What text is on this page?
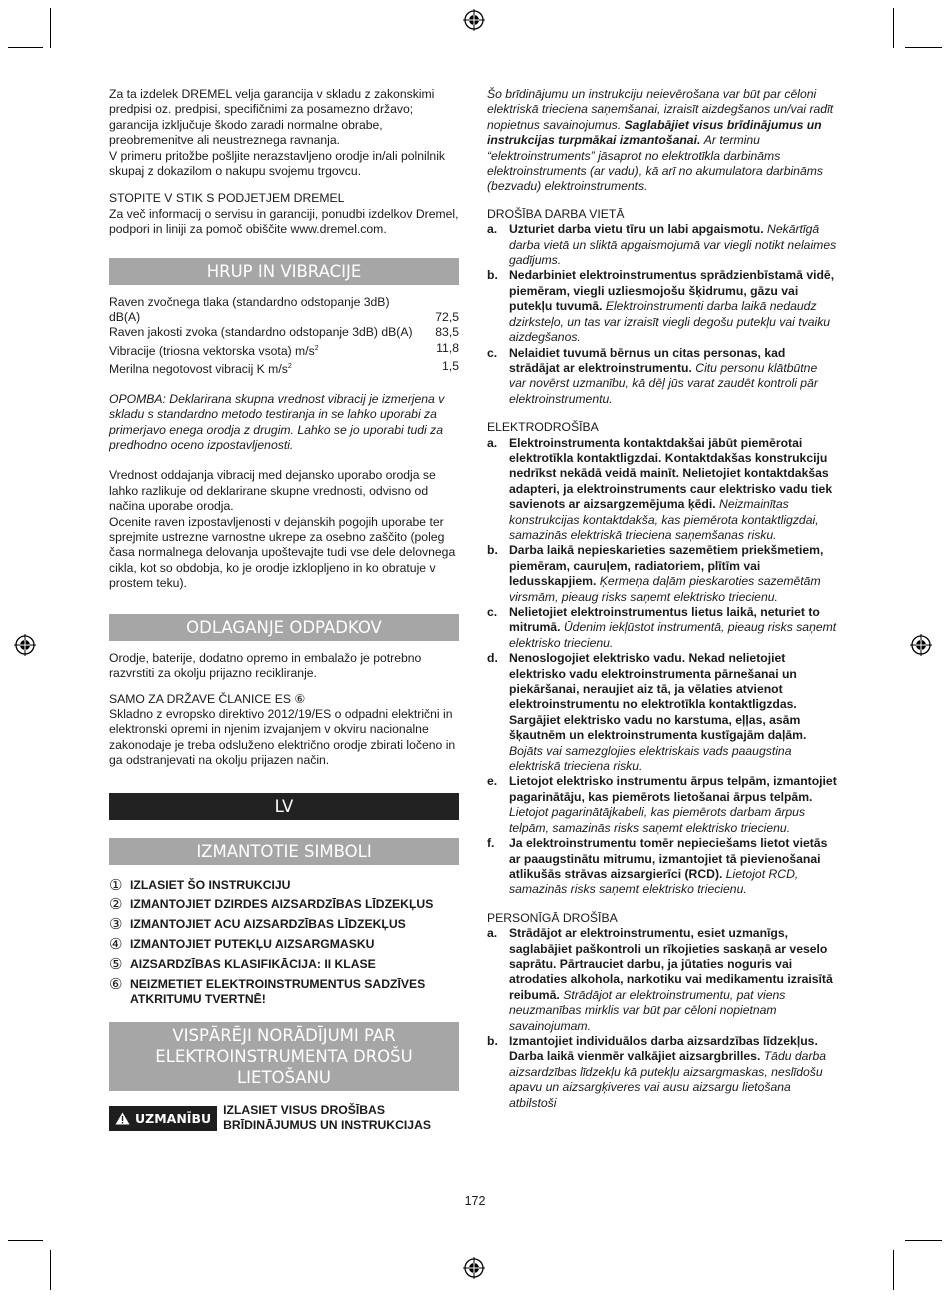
Za ta izdelek DREMEL velja garancija v skladu z zakonskimi predpisi oz. predpisi, specifičnimi za posamezno državo; garancija izključuje škodo zaradi normalne obrabe, preobremenitve ali neustreznega ravnanja.

V primeru pritožbe pošljite nerazstavljeno orodje in/ali polnilnik skupaj z dokazilom o nakupu svojemu trgovcu.

STOPITE V STIK S PODJETJEM DREMEL

Za več informacij o servisu in garanciji, ponudbi izdelkov Dremel, podpori in liniji za pomoč obiščite www.dremel.com.

HRUP IN VIBRACIJE

Raven zvočnega tlaka (standardno odstopanje 3dB)

dB(A)	72,5
Raven jakosti zvoka (standardno odstopanje 3dB) dB(A) 83,5
Vibracije (triosna vektorska vsota) $m/s^2$	11,8
Merilna negotovost vibracij K $m/s^2$	1,5

OPOMBA: Deklarirana skupna vrednost vibracij je izmerjena v skladu s standardno metodo testiranja in se lahko uporabi za primerjavo enega orodja z drugim. Lahko se jo uporabi tudi za predhodno oceno izpostavljenosti.

Vrednost oddajanja vibracij med dejansko uporabo orodja se lahko razlikuje od deklarirane skupne vrednosti, odvisno od načina uporabe orodja.

Ocenite raven izpostavljenosti v dejanskih pogojih uporabe ter sprejmite ustrezne varnostne ukrepe za osebno zaščito (poleg časa normalnega delovanja upoštevajte tudi vse dele delovnega cikla, kot so obdobja, ko je orodje izklopljeno in ko obratuje v prostem teku).

ODLAGANJE ODPADKOV

Orodje, baterije, dodatno opremo in embalažo je potrebno razvrstiti za okolju prijazno recikliranje.

SAMO ZA DRŽAVE ČLANICE ES ⑥

Skladno z evropsko direktivo 2012/19/ES o odpadni električni in elektronski opremi in njenim izvajanjem v okviru nacionalne zakonodaje je treba odsluženo električno orodje zbirati ločeno in ga odstranjevati na okolju prijazen način.

LV
IZMANTOTIE SIMBOLI
① IZLASIET ŠO INSTRUKCIJU
② IZMANTOJIET DZIRDES AIZSARDZĪBAS LĪDZEKĻUS
③ IZMANTOJIET ACU AIZSARDZĪBAS LĪDZEKĻUS
④ IZMANTOJIET PUTEKĻU AIZSARGMASKU
⑤ AIZSARDZĪBAS KLASIFIKĀCIJA: II KLASE
⑥ NEIZMETIET ELEKTROINSTRUMENTUS SADZĪVES ATKRITUMU TVERTNĒ!
VISPĀRĒJI NORĀDĪJUMI PAR ELEKTROINSTRUMENTA DROŠU LIETOŠANU
UZMANĪBU
IZLASIET VISUS DROŠĪBAS BRĪDINĀJUMUS UN INSTRUKCIJAS

Šo brīdinājumu un instrukciju neievērošana var būt par cēloni elektriskā trieciena saņemšanai, izraisīt aizdegšanos un/vai radīt nopietnus savainojumus. Saglabājiet visus brīdinājumus un instrukcijas turpmākai izmantošanai. Ar terminu “elektroinstruments” jāsaprot no elektrotīkla darbināms elektroinstruments (ar vadu), kā arī no akumulatora darbināms (bezvadu) elektroinstruments.

DROŠĪBA DARBA VIETĀ

a. Uzturiet darba vietu tīru un labi apgaismotu. Nekārtīgā darba vietā un sliktā apgaismojumā var viegli notikt nelaimes gadījums.
b. Nedarbiniet elektroinstrumentus sprādzienbīstamā vidē, piemēram, viegli uzliesmojošu šķidrumu, gāzu vai putekļu tuvumā. Elektroinstrumenti darba laikā nedaudz dzirksteļo, un tas var izraisīt viegli degošu putekļu vai tvaiku aizdegšanos.
c. Nelaidiet tuvumā bērnus un citas personas, kad strādājat ar elektroinstrumentu. Citu personu klātbūtne var novērst uzmanību, kā dēļ jūs varat zaudēt kontroli pār elektroinstrumentu.

ELEKTRODROŠĪBA

a. Elektroinstrumenta kontaktdakšai jābūt piemērotai elektrotīkla kontaktligzdai. Kontaktdakšas konstrukciju nedrīkst nekādā veidā mainīt. Nelietojiet kontaktdakšas adapteri, ja elektroinstruments caur elektrisko vadu tiek savienots ar aizsargzemējuma ķēdi. Neizmainītas konstrukcijas kontaktdakša, kas piemērota kontaktligzdai, samazinās elektriskā trieciena saņemšanas risku.
b. Darba laikā nepieskarieties sazemētiem priekšmetiem, piemēram, cauruļem, radiatoriem, plītīm vai ledusskapjiem. Ķermeņa daļām pieskaroties sazemētām virsmām, pieaug risks saņemt elektrisko triecienu.
c. Nelietojiet elektroinstrumentus lietus laikā, neturiet to mitrumā. Ūdenim iekļūstot instrumentā, pieaug risks saņemt elektrisko triecienu.
d. Nenoslogojiet elektrisko vadu. Nekad nelietojiet elektrisko vadu elektroinstrumenta pārnešanai un piekāršanai, neraujiet aiz tā, ja vēlaties atvienot elektroinstrumentu no elektrotīkla kontaktligzdas. Sargājiet elektrisko vadu no karstuma, eļļas, asām šķautnēm un elektroinstrumenta kustīgajām daļām. Bojāts vai samezglojies elektriskais vads paaugstina elektriskā trieciena risku.
e. Lietojot elektrisko instrumentu ārpus telpām, izmantojiet pagarinātāju, kas piemērots lietošanai ārpus telpām. Lietojot pagarinātājkabeli, kas piemērots darbam ārpus telpām, samazinās risks saņemt elektrisko triecienu.
f.	Ja elektroinstrumentu tomēr nepieciešams lietot vietās ar paaugstinātu mitrumu, izmantojiet tā pievienošanai atlikušās strāvas aizsargierīci (RCD). Lietojot RCD, samazinās risks saņemt elektrisko triecienu.

PERSONĪGĀ DROŠĪBA

a. Strādājot ar elektroinstrumentu, esiet uzmanīgs, saglabājiet paškontroli un rīkojieties saskaņā ar veselo saprātu. Pārtrauciet darbu, ja jūtaties noguris vai atrodaties alkohola, narkotiku vai medikamentu izraisītā reibumā. Strādājot ar elektroinstrumentu, pat viens neuzmanības mirklis var būt par cēloni nopietnam savainojumam.
b. Izmantojiet individuālos darba aizsardzības līdzekļus. Darba laikā vienmēr valkājiet aizsargbrilles. Tādu darba aizsardzības līdzekļu kā putekļu aizsargmaskas, neslīdošu apavu un aizsargķiveres vai ausu aizsargu lietošana atbilstoši
172
